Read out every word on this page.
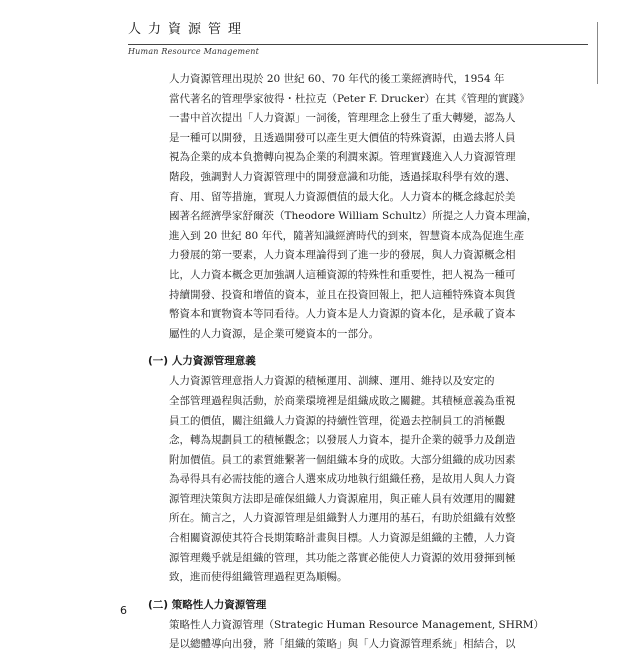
人力資源管理
Human Resource Management

人力資源管理出現於 20 世紀 60、70 年代的後工業經濟時代，1954 年
當代著名的管理學家彼得・杜拉克（Peter F. Drucker）在其《管理的實踐》
一書中首次提出「人力資源」一詞後，管理理念上發生了重大轉變，認為人
是一種可以開發，且透過開發可以產生更大價值的特殊資源，由過去將人員
視為企業的成本負擔轉向視為企業的利潤來源。管理實踐進入人力資源管理
階段，強調對人力資源管理中的開發意識和功能，透過採取科學有效的選、
育、用、留等措施，實現人力資源價值的最大化。人力資本的概念緣起於美
國著名經濟學家舒爾茨（Theodore William Schultz）所提之人力資本理論，
進入到 20 世紀 80 年代，隨著知識經濟時代的到來，智慧資本成為促進生產
力發展的第一要素，人力資本理論得到了進一步的發展，與人力資源概念相
比，人力資本概念更加強調人這種資源的特殊性和重要性，把人視為一種可
持續開發、投資和增值的資本，並且在投資回報上，把人這種特殊資本與貨
幣資本和實物資本等同看待。人力資本是人力資源的資本化，是承載了資本
屬性的人力資源，是企業可變資本的一部分。

(一) 人力資源管理意義

人力資源管理意指人力資源的積極運用、訓練、運用、維持以及安定的
全部管理過程與活動，於商業環境裡是組織成敗之關鍵。其積極意義為重視
員工的價值，關注組織人力資源的持續性管理，從過去控制員工的消極觀
念，轉為規劃員工的積極觀念；以發展人力資本，提升企業的競爭力及創造
附加價值。員工的素質維繫著一個組織本身的成敗。大部分組織的成功因素
為尋得具有必需技能的適合人選來成功地執行組織任務，是故用人與人力資
源管理決策與方法即是確保組織人力資源雇用，與正確人員有效運用的關鍵
所在。簡言之，人力資源管理是組織對人力運用的基石，有助於組織有效整
合相關資源使其符合長期策略計畫與目標。人力資源是組織的主體，人力資
源管理幾乎就是組織的管理，其功能之落實必能使人力資源的效用發揮到極
致，進而使得組織管理過程更為順暢。

(二) 策略性人力資源管理

策略性人力資源管理（Strategic Human Resource Management, SHRM）
是以總體導向出發，將「組織的策略」與「人力資源管理系統」相結合，以

6
